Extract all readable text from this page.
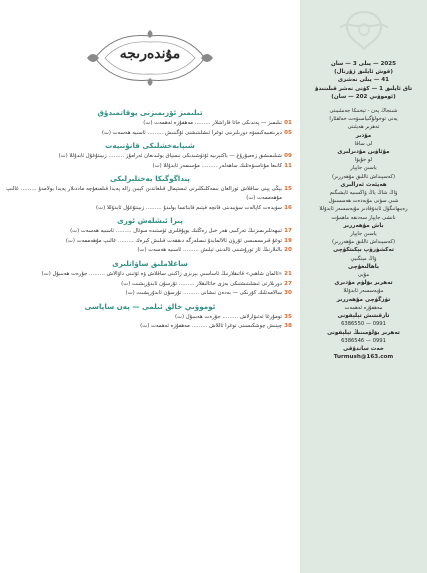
مۇندەرىجە
تىلىمىز ئۆزىمىزنى يوقاتمىدۇق
01
تىلىمىز — پەندىكى خاتا قاراشلار ……… مەھفۇزە ئەھمەت (ت)
05
دېرىنغىيەكىسۋە دورىلىرىنى توغرا ئىشلىتىشنى ئۆگىنىش ……… ئاسىيە ھەسەت (ت)
شىپابەخشلىكى قانۇنىيەت
09
شىلىمىشق زەمبۇرۇغ — باكتېرىيە ئۆتۈشىدىكى نىسپاق بولىدىغان ئەرامۇز ……… زىيىتۇغۇل ئابدۇللا (ت)
11
كانىغا مۇناسىۋەتلىك ساھەلەر ……… مۇسىمەر ئابدۇللا (ت)
پىداگوگىكا بەختلىرلىكى
15
يېڭى پېنى ساقلاش ئورالغان بىمەكلىكلىرنى ئىستېمال قىلغاندىن كېيىن زالە پەيدا قىلمىغۇچە ماددىلار پەيدا بولامدۇ ……… غالىپ مۇھەممەت (ت)
16
سۈيدەت كاپالەت سۈيىدىنى قانچە قېتىم قايناتسا بولىدۇ ……… زىيىتۇغۇل ئابدۇللا (ت)
پىزا ئىشلەش ئورى
17
ئىبھەتلىرىمىزنىڭ تەركىبى ھەر خىل رەڭلىك يوپۇقلىرى ئۈستىدە سوئال ……… ئاسىيە ھەسەت (ت)
19
توغۇ قىرىسمىسى ئۆرۈن ئالالمايدۇ نىمىلەرگە دىققەت قىلىش كېرەك ……… غالىپ مۇھەممەت (ت)
20
بالىلارنىڭ ئاز تورۇشىنى ئالدىنى ئېلىش ……… ئاسىيە ھەسەت (ت)
ساغلاملىق ساۋاتلىرى
21
«ئالمان شاھىي» قاتىقلارنىڭ ئاساسىي بېرىزى زاكىنى ساقلاش ۋە ئۆتىنى داۋالاش ……… جۇرەت ھەبىبۇل (ت)
27
دورىلارنى ئىشلىتىشتىكى بەزى خاتالىقلار ……… تۇرسۇن ئابدۇرېشىت (ت)
30
سالامەتلىك كۆرىكى — بەدەن نىشانى ……… تۇرسۇن ئابدۇرېشىت (ت)
ئوموۋىي خالق ئىلمى — پەن ساپاسى
35
تومۇرغا ئەتىۋارلاش ……… جۇرەت ھەبىبۇل (ت)
38
چېنىش چوشكىسىنى توغرا تاللاش ……… مەھفۇزە ئەھمەت (ت)
2025 — يىلى 3 — سان
(قوش ئايلىق ژۇرنال)
41 — يىلى نەشرى
تاق ئايلىق 1 — كۈنى نەشر قىلىنىدۇ
(ئوموۋىي 202 — سان)
شىنجاڭ پەن - تېخنىكا جەمئىيىتى
يەنى توخولۇگىياسىۋەت خەلقئارا
تەھرىر ھەيئىتى
مۇدىر
لى ساقا
مۇئاۋىن مۇدىرلىرى
لو خۇيۋا
ياسىن جاپپار
(كەسپىداش تاللىق مۇھەررىر)
ھەيئەت ئەزالىرى
ۋاڭ شاڭ ياڭ ۋاڭسىيە ئايشىگىم
شىي سۈنى مۇيەدەت ھەسسىۋل
رەيىھانىگۈل ئابدۇقادىر مۇيەسسەر ئابدۇللا
نانشى جاپپار سەدىقە ماھمۇت
باش مۇھەررىر
ياسىن جاپپار
(كەسپىداش تاللىق مۇھەررىر)
تەكشۈرۈپ بېكىتكۈچى
ۋاڭ مېنگىيې
باھالىغۇچى
مۇيى
تەھرىر بۆلۈم مۇدىرى
مۇيەسسەر ئابدۇللا
تۈزگۈچى مۇھەررىر
مەھفۇزە ئەھمەت
تارقىتىش تېلېفونى
0991 — 6386550
تەھرىر بۆلۈمىنىڭ تېلېفونى
0991 — 6386546
خەت ساندۇقى
Turmush@163.com
